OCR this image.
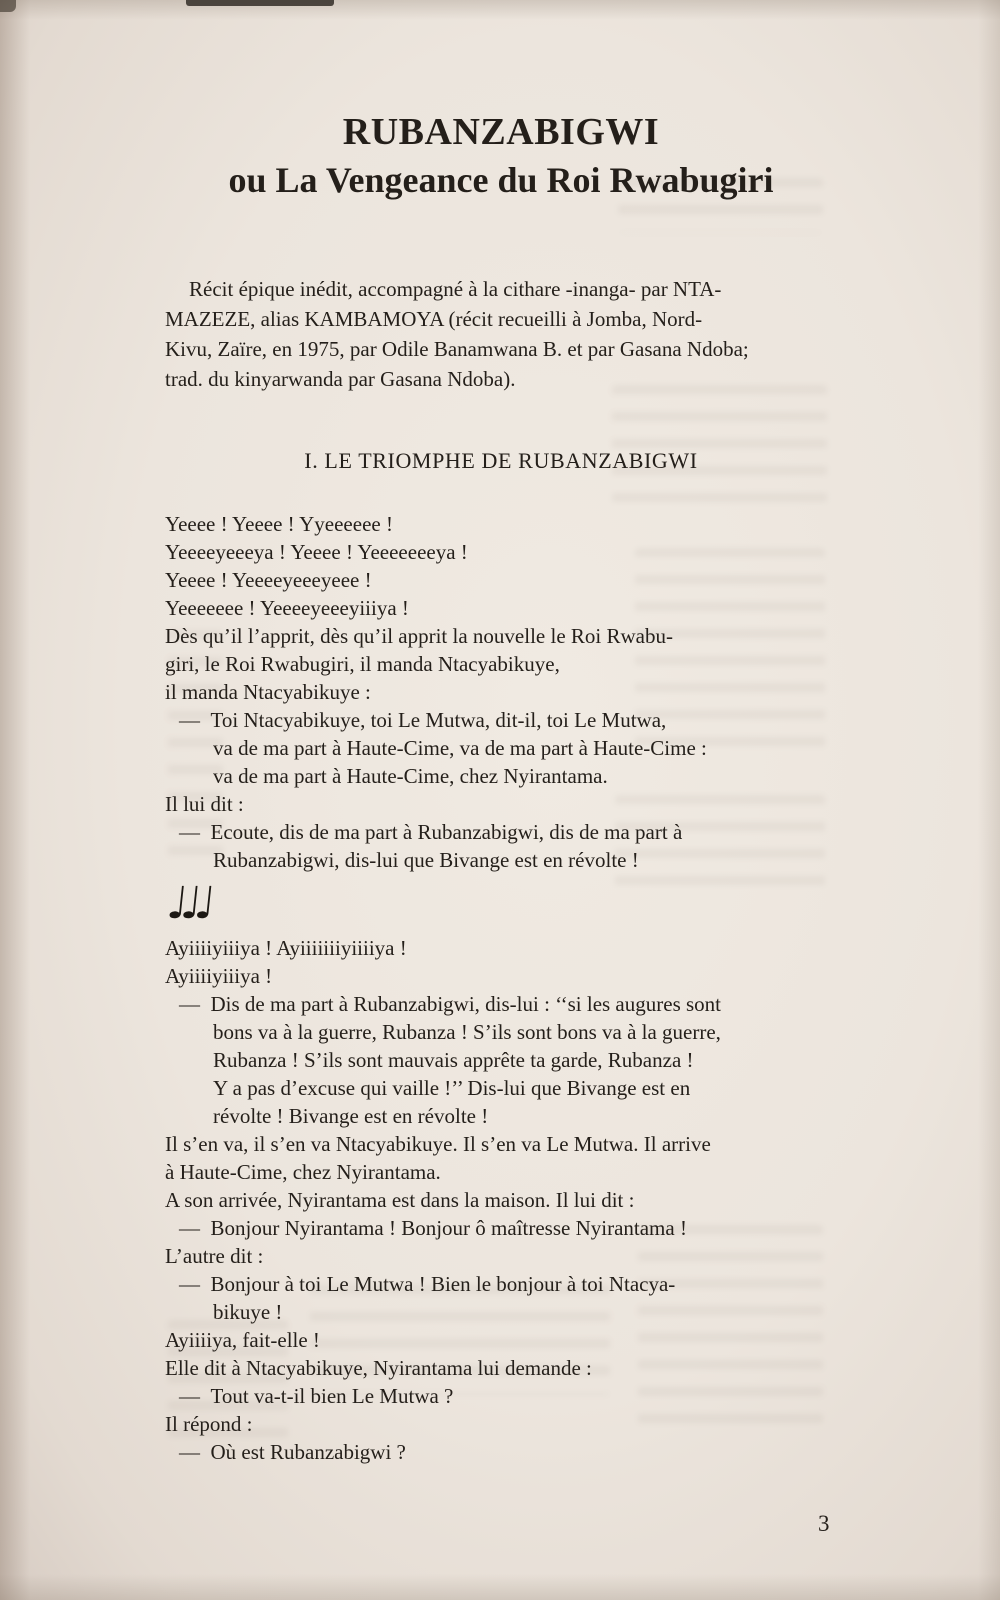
RUBANZABIGWI
ou La Vengeance du Roi Rwabugiri
Récit épique inédit, accompagné à la cithare -inanga- par NTA-
MAZEZE, alias KAMBAMOYA (récit recueilli à Jomba, Nord-
Kivu, Zaïre, en 1975, par Odile Banamwana B. et par Gasana Ndoba;
trad. du kinyarwanda par Gasana Ndoba).
I. LE TRIOMPHE DE RUBANZABIGWI
Yeeee ! Yeeee ! Yyeeeeee !
Yeeeeyeeeya ! Yeeee ! Yeeeeeeeya !
Yeeee ! Yeeeeyeeeyeee !
Yeeeeeee ! Yeeeeyeeeyiiiya !
Dès qu’il l’apprit, dès qu’il apprit la nouvelle le Roi Rwabu-
giri, le Roi Rwabugiri, il manda Ntacyabikuye,
il manda Ntacyabikuye :
— Toi Ntacyabikuye, toi Le Mutwa, dit-il, toi Le Mutwa,
va de ma part à Haute-Cime, va de ma part à Haute-Cime :
va de ma part à Haute-Cime, chez Nyirantama.
Il lui dit :
— Ecoute, dis de ma part à Rubanzabigwi, dis de ma part à
Rubanzabigwi, dis-lui que Bivange est en révolte !
♩♩♩
Ayiiiiyiiiya ! Ayiiiiiiiyiiiiya !
Ayiiiiyiiiya !
— Dis de ma part à Rubanzabigwi, dis-lui : ‘‘si les augures sont
bons va à la guerre, Rubanza ! S’ils sont bons va à la guerre,
Rubanza ! S’ils sont mauvais apprête ta garde, Rubanza !
Y a pas d’excuse qui vaille !’’ Dis-lui que Bivange est en
révolte ! Bivange est en révolte !
Il s’en va, il s’en va Ntacyabikuye. Il s’en va Le Mutwa. Il arrive
à Haute-Cime, chez Nyirantama.
A son arrivée, Nyirantama est dans la maison. Il lui dit :
— Bonjour Nyirantama ! Bonjour ô maîtresse Nyirantama !
L’autre dit :
— Bonjour à toi Le Mutwa ! Bien le bonjour à toi Ntacya-
bikuye !
Ayiiiiya, fait-elle !
Elle dit à Ntacyabikuye, Nyirantama lui demande :
— Tout va-t-il bien Le Mutwa ?
Il répond :
— Où est Rubanzabigwi ?
3
